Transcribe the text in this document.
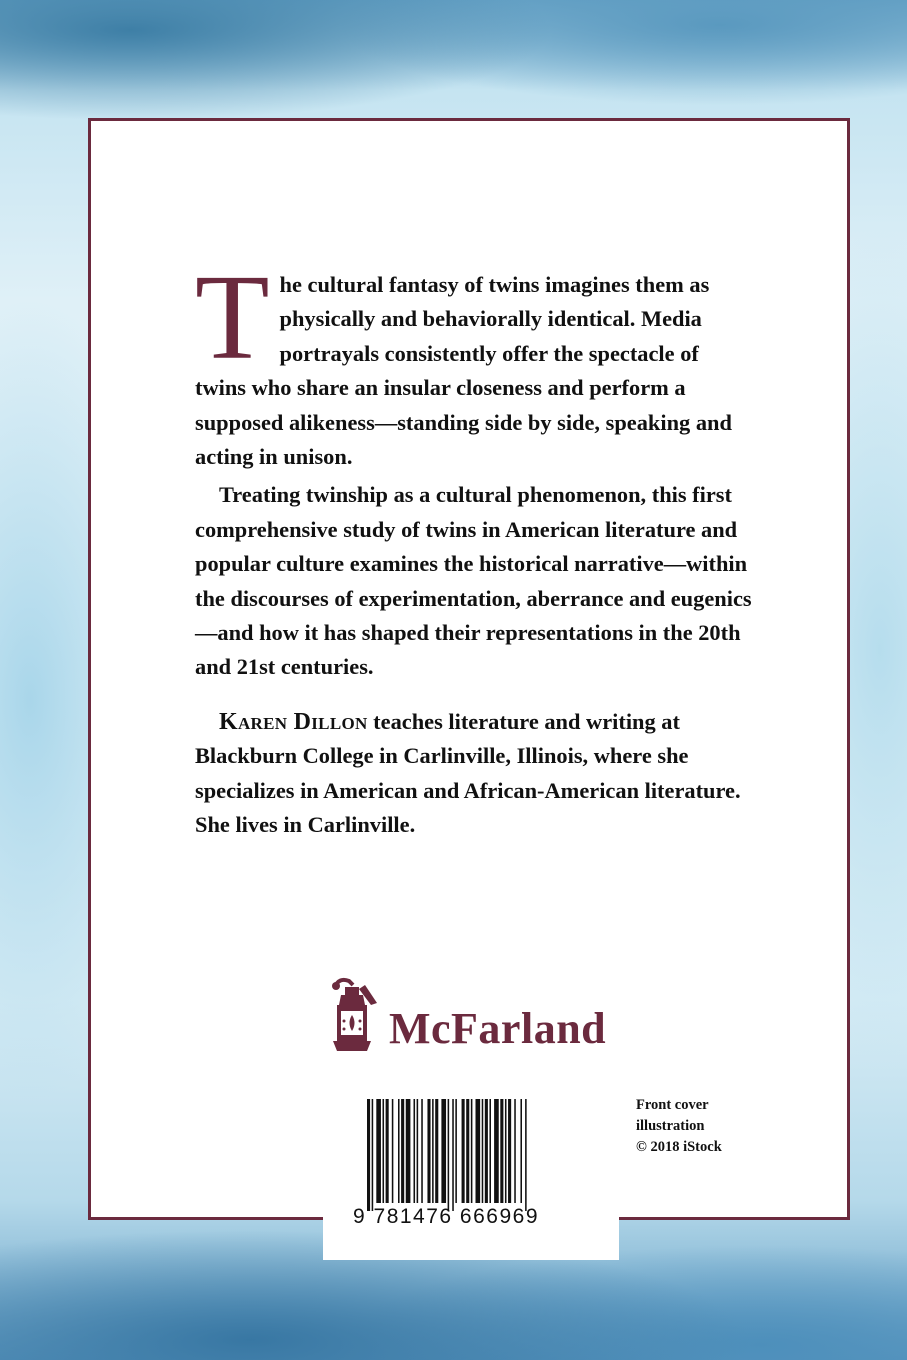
The cultural fantasy of twins imagines them as physically and behaviorally identical. Media portrayals consistently offer the spectacle of twins who share an insular closeness and perform a supposed alikeness—standing side by side, speaking and acting in unison.

Treating twinship as a cultural phenomenon, this first comprehensive study of twins in American literature and popular culture examines the historical narrative—within the discourses of experimentation, aberrance and eugenics—and how it has shaped their representations in the 20th and 21st centuries.

Karen Dillon teaches literature and writing at Blackburn College in Carlinville, Illinois, where she specializes in American and African-American literature. She lives in Carlinville.

McFarland
9 781476 666969
Front cover
illustration
© 2018 iStock
